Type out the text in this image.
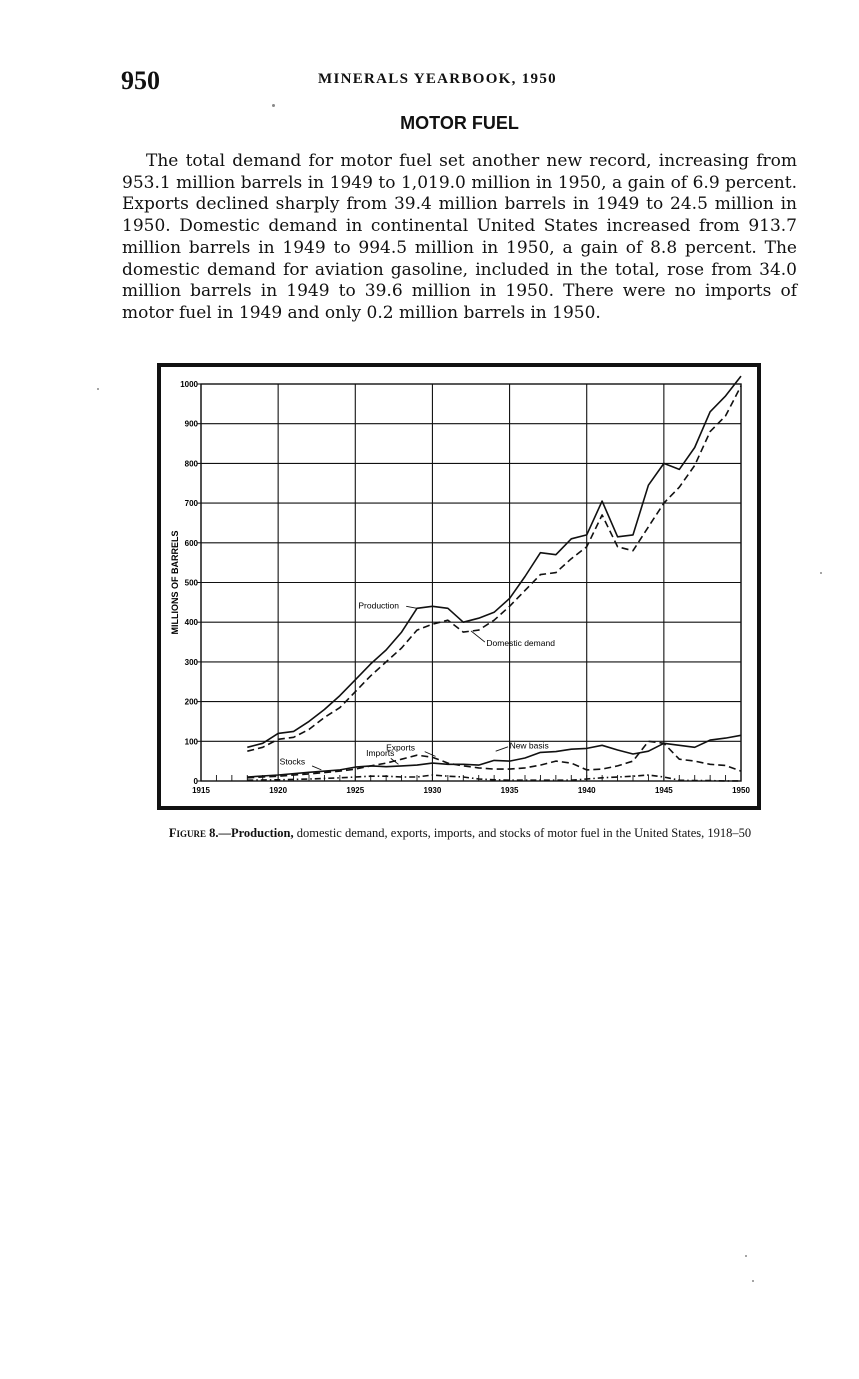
950	MINERALS YEARBOOK, 1950
MOTOR FUEL

The total demand for motor fuel set another new record, increasing from 953.1 million barrels in 1949 to 1,019.0 million in 1950, a gain of 6.9 percent. Exports declined sharply from 39.4 million barrels in 1949 to 24.5 million in 1950. Domestic demand in continental United States increased from 913.7 million barrels in 1949 to 994.5 million in 1950, a gain of 8.8 percent. The domestic demand for aviation gasoline, included in the total, rose from 34.0 million barrels in 1949 to 39.6 million in 1950. There were no imports of motor fuel in 1949 and only 0.2 million barrels in 1950.

0
100
200
300
400
500
600
700
800
900
1000
1915	1920	1925	1930	1935	1940	1945	1950
MILLIONS OF BARRELS	Production
Domestic demand
New basis
Exports
Imports
Stocks
Figure 8.—Production, domestic demand, exports, imports, and stocks of motor fuel in the United States, 1918–50
